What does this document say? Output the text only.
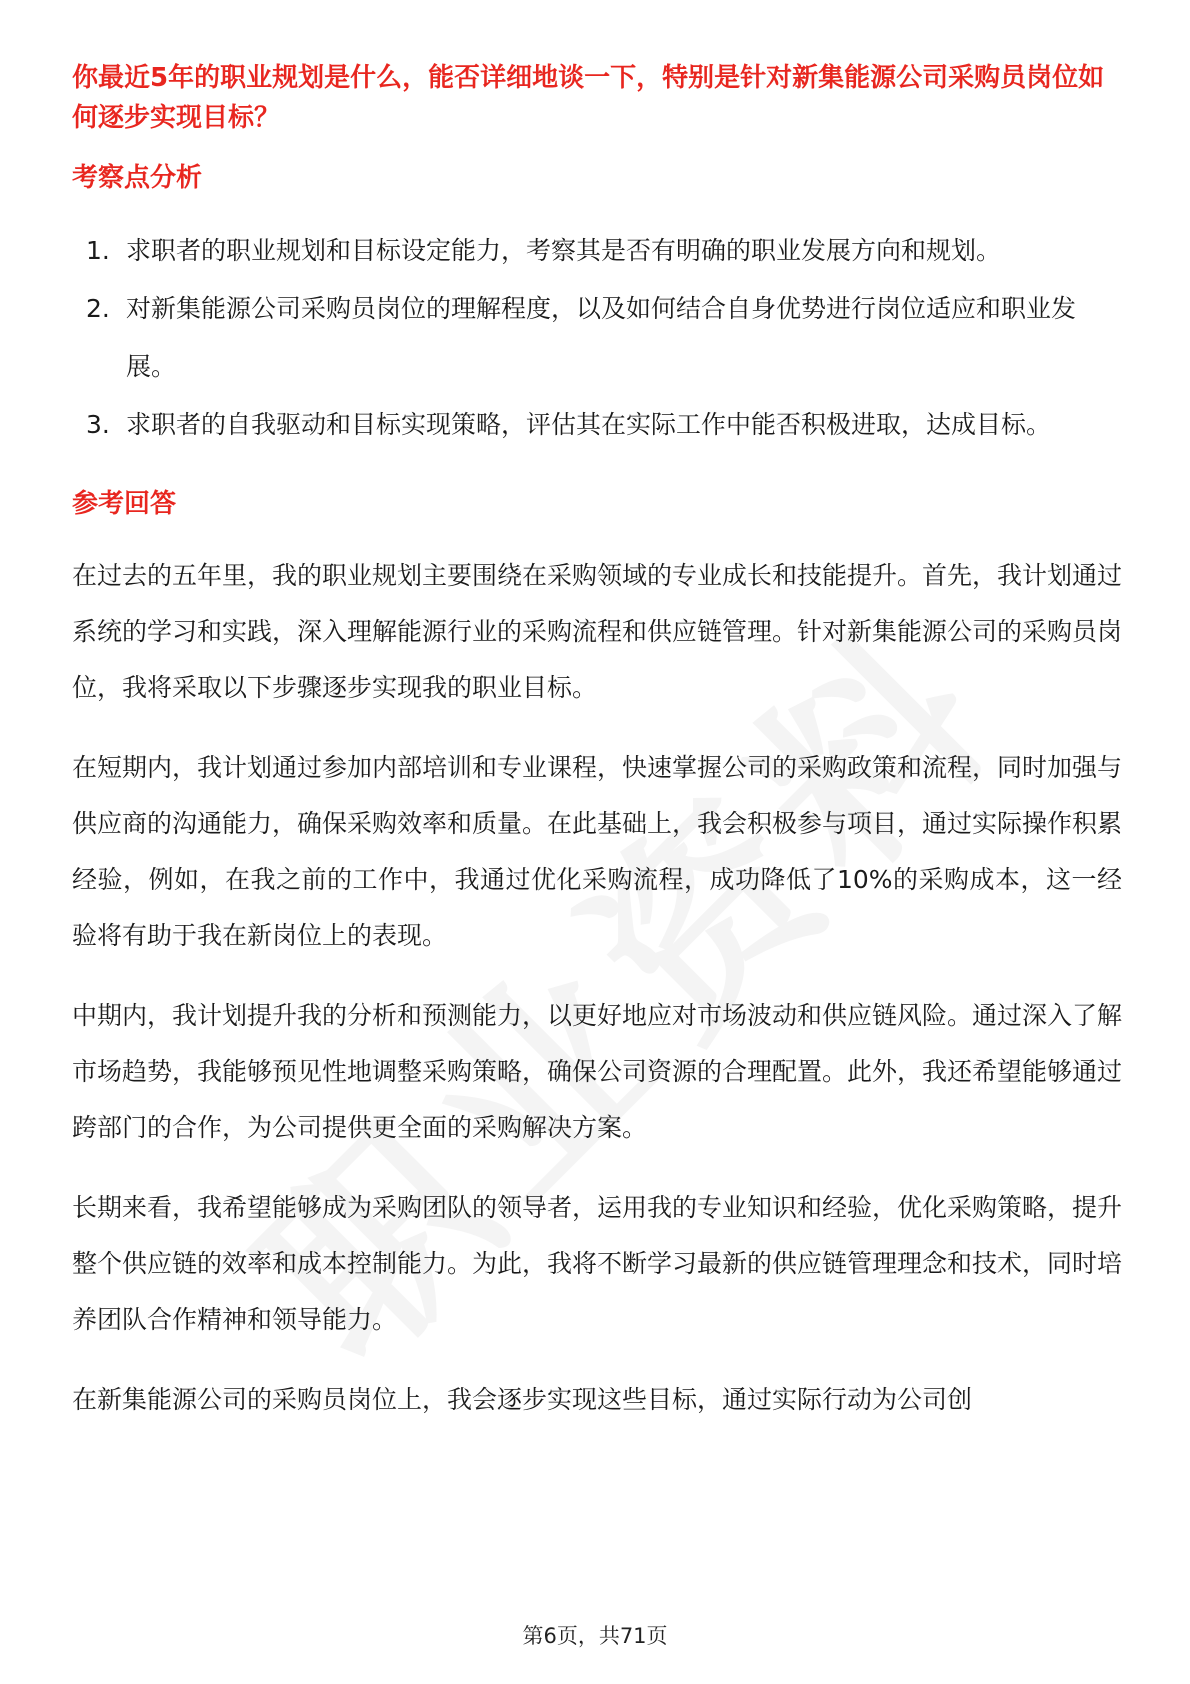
你最近5年的职业规划是什么，能否详细地谈一下，特别是针对新集能源公司采购员岗位如何逐步实现目标？

考察点分析

1. 求职者的职业规划和目标设定能力，考察其是否有明确的职业发展方向和规划。
2. 对新集能源公司采购员岗位的理解程度，以及如何结合自身优势进行岗位适应和职业发展。
3. 求职者的自我驱动和目标实现策略，评估其在实际工作中能否积极进取，达成目标。

参考回答

在过去的五年里，我的职业规划主要围绕在采购领域的专业成长和技能提升。首先，我计划通过系统的学习和实践，深入理解能源行业的采购流程和供应链管理。针对新集能源公司的采购员岗位，我将采取以下步骤逐步实现我的职业目标。

在短期内，我计划通过参加内部培训和专业课程，快速掌握公司的采购政策和流程，同时加强与供应商的沟通能力，确保采购效率和质量。在此基础上，我会积极参与项目，通过实际操作积累经验，例如，在我之前的工作中，我通过优化采购流程，成功降低了10%的采购成本，这一经验将有助于我在新岗位上的表现。

中期内，我计划提升我的分析和预测能力，以更好地应对市场波动和供应链风险。通过深入了解市场趋势，我能够预见性地调整采购策略，确保公司资源的合理配置。此外，我还希望能够通过跨部门的合作，为公司提供更全面的采购解决方案。

长期来看，我希望能够成为采购团队的领导者，运用我的专业知识和经验，优化采购策略，提升整个供应链的效率和成本控制能力。为此，我将不断学习最新的供应链管理理念和技术，同时培养团队合作精神和领导能力。

在新集能源公司的采购员岗位上，我会逐步实现这些目标，通过实际行动为公司创

第6页，共71页
